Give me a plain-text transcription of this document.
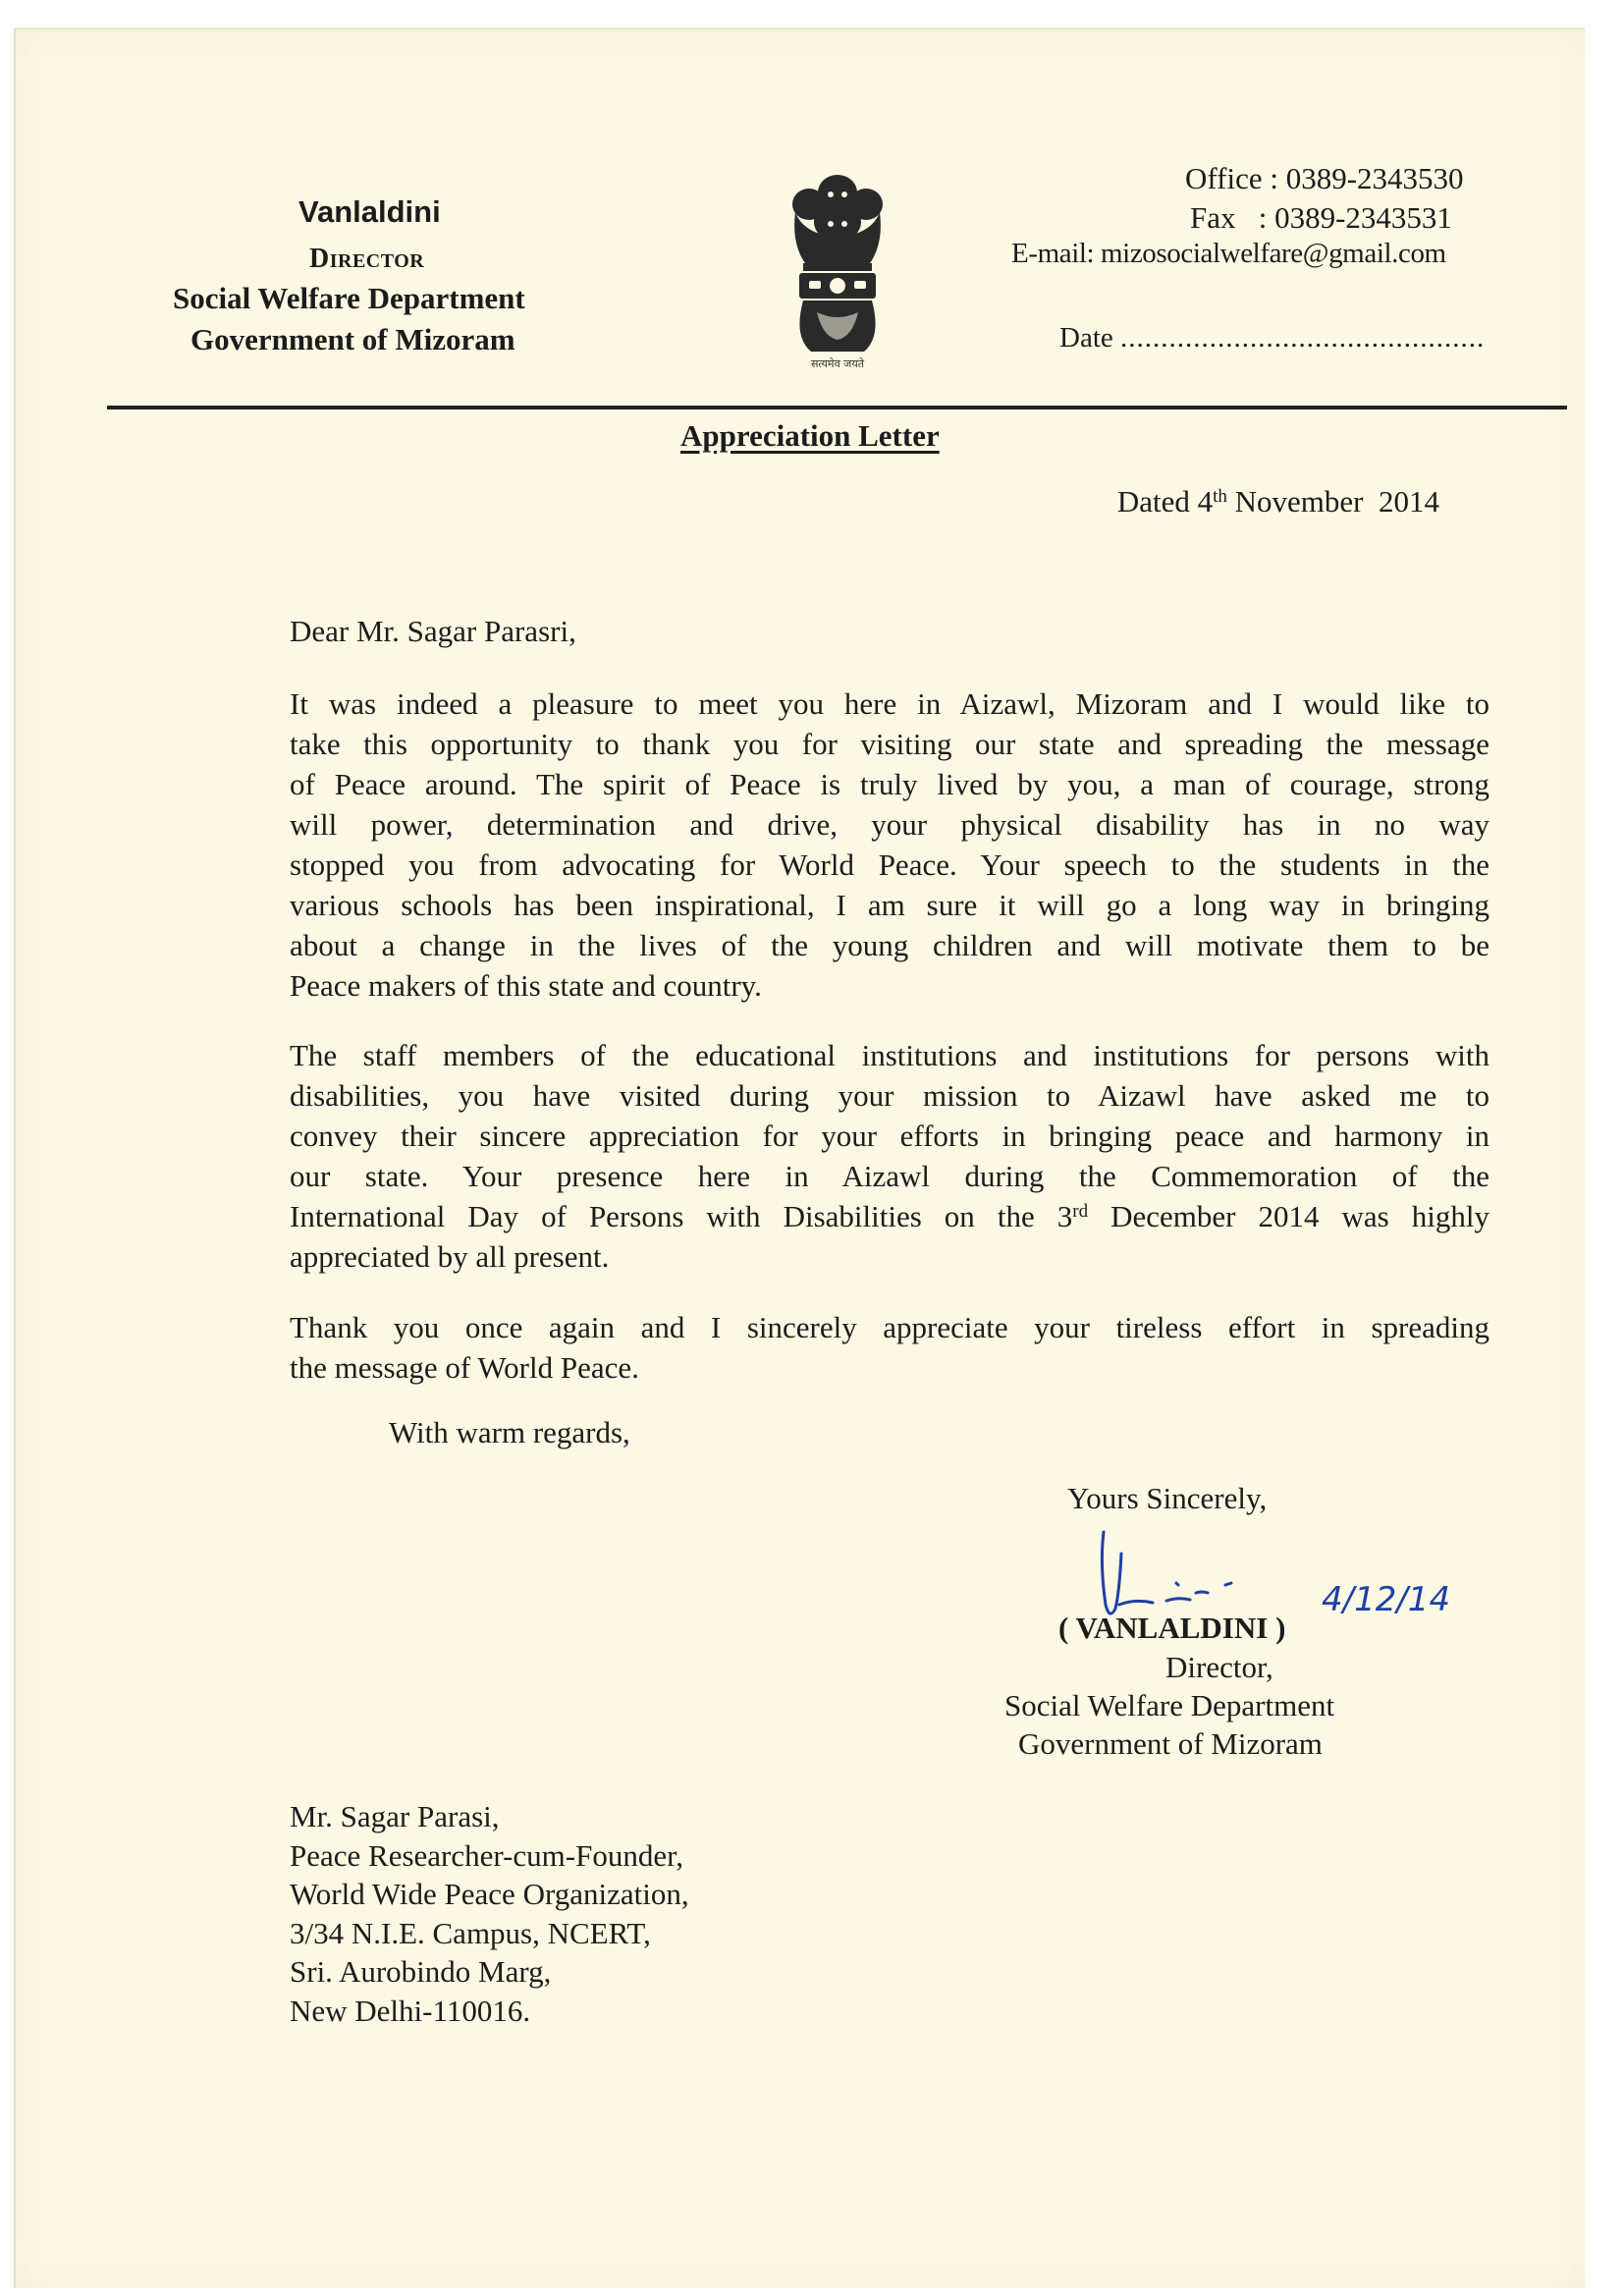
Vanlaldini
Director
Social Welfare Department
Government of Mizoram
सत्यमेव जयते
Office : 0389-2343530
Fax   : 0389-2343531
E-mail: mizosocialwelfare@gmail.com
Date .............................................
Appreciation Letter
Dated 4th November  2014
Dear Mr. Sagar Parasri,
It was indeed a pleasure to meet you here in Aizawl, Mizoram and I would like to
take this opportunity to thank you for visiting our state and spreading the message
of Peace around. The spirit of Peace is truly lived by you, a man of courage, strong
will power, determination and drive, your physical disability has in no way
stopped you from advocating for World Peace. Your speech to the students in the
various schools has been inspirational, I am sure it will go a long way in bringing
about a change in the lives of the young children and will motivate them to be
Peace makers of this state and country.
The staff members of the educational institutions and institutions for persons with
disabilities, you have visited during your mission to Aizawl have asked me to
convey their sincere appreciation for your efforts in bringing peace and harmony in
our state. Your presence here in Aizawl during the Commemoration of the
International Day of Persons with Disabilities on the 3rd December 2014 was highly
appreciated by all present.
Thank you once again and I sincerely appreciate your tireless effort in spreading
the message of World Peace.
With warm regards,
Yours Sincerely,
4/12/14
( VANLALDINI )
Director,
Social Welfare Department
Government of Mizoram
Mr. Sagar Parasi,
Peace Researcher-cum-Founder,
World Wide Peace Organization,
3/34 N.I.E. Campus, NCERT,
Sri. Aurobindo Marg,
New Delhi-110016.
